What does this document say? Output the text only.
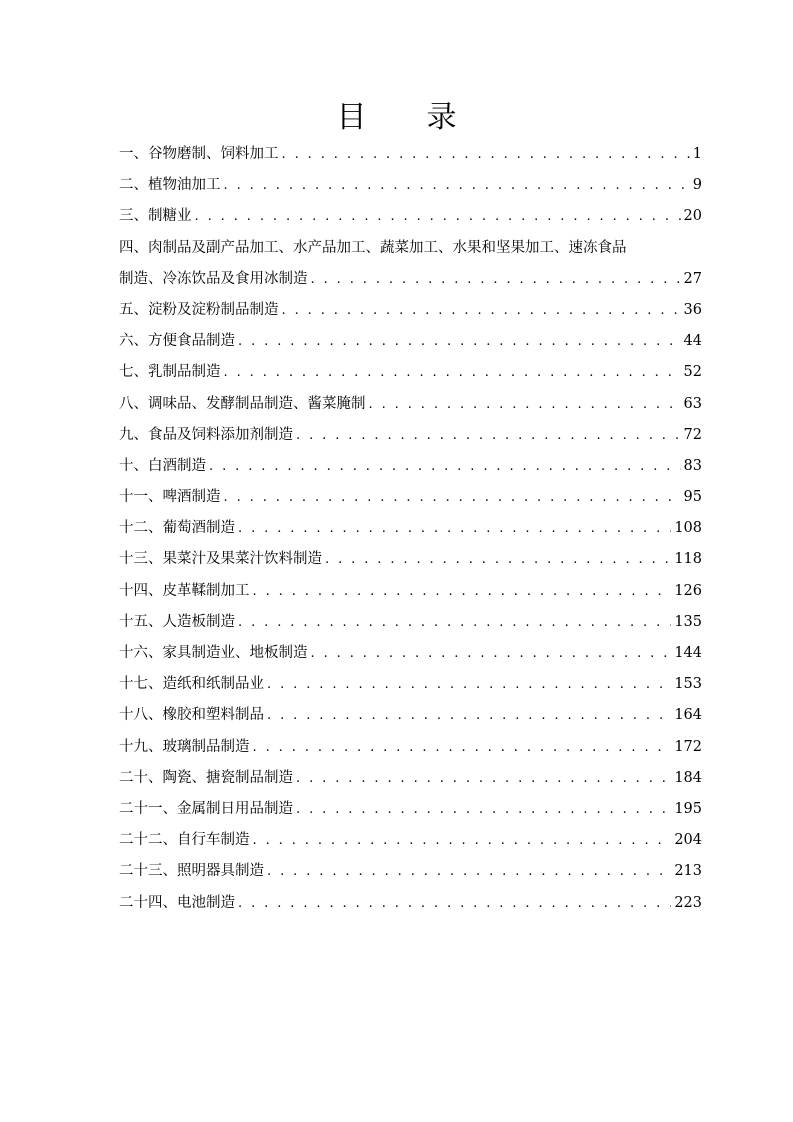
目 录
一、谷物磨制、饲料加工 . . .	1
二、植物油加工 . . .	9
三、制糖业 . . .	20
四、肉制品及副产品加工、水产品加工、蔬菜加工、水果和坚果加工、速冻食品
制造、冷冻饮品及食用冰制造 . . .	27
五、淀粉及淀粉制品制造 . . .	36
六、方便食品制造 . . .	44
七、乳制品制造 . . .	52
八、调味品、发酵制品制造、酱菜腌制 . . .	63
九、食品及饲料添加剂制造 . . .	72
十、白酒制造 . . .	83
十一、啤酒制造 . . .	95
十二、葡萄酒制造 . . .	108
十三、果菜汁及果菜汁饮料制造 . . .	118
十四、皮革鞣制加工 . . .	126
十五、人造板制造 . . .	135
十六、家具制造业、地板制造 . . .	144
十七、造纸和纸制品业 . . .	153
十八、橡胶和塑料制品 . . .	164
十九、玻璃制品制造 . . .	172
二十、陶瓷、搪瓷制品制造 . . .	184
二十一、金属制日用品制造 . . .	195
二十二、自行车制造 . . .	204
二十三、照明器具制造 . . .	213
二十四、电池制造 . . .	223
